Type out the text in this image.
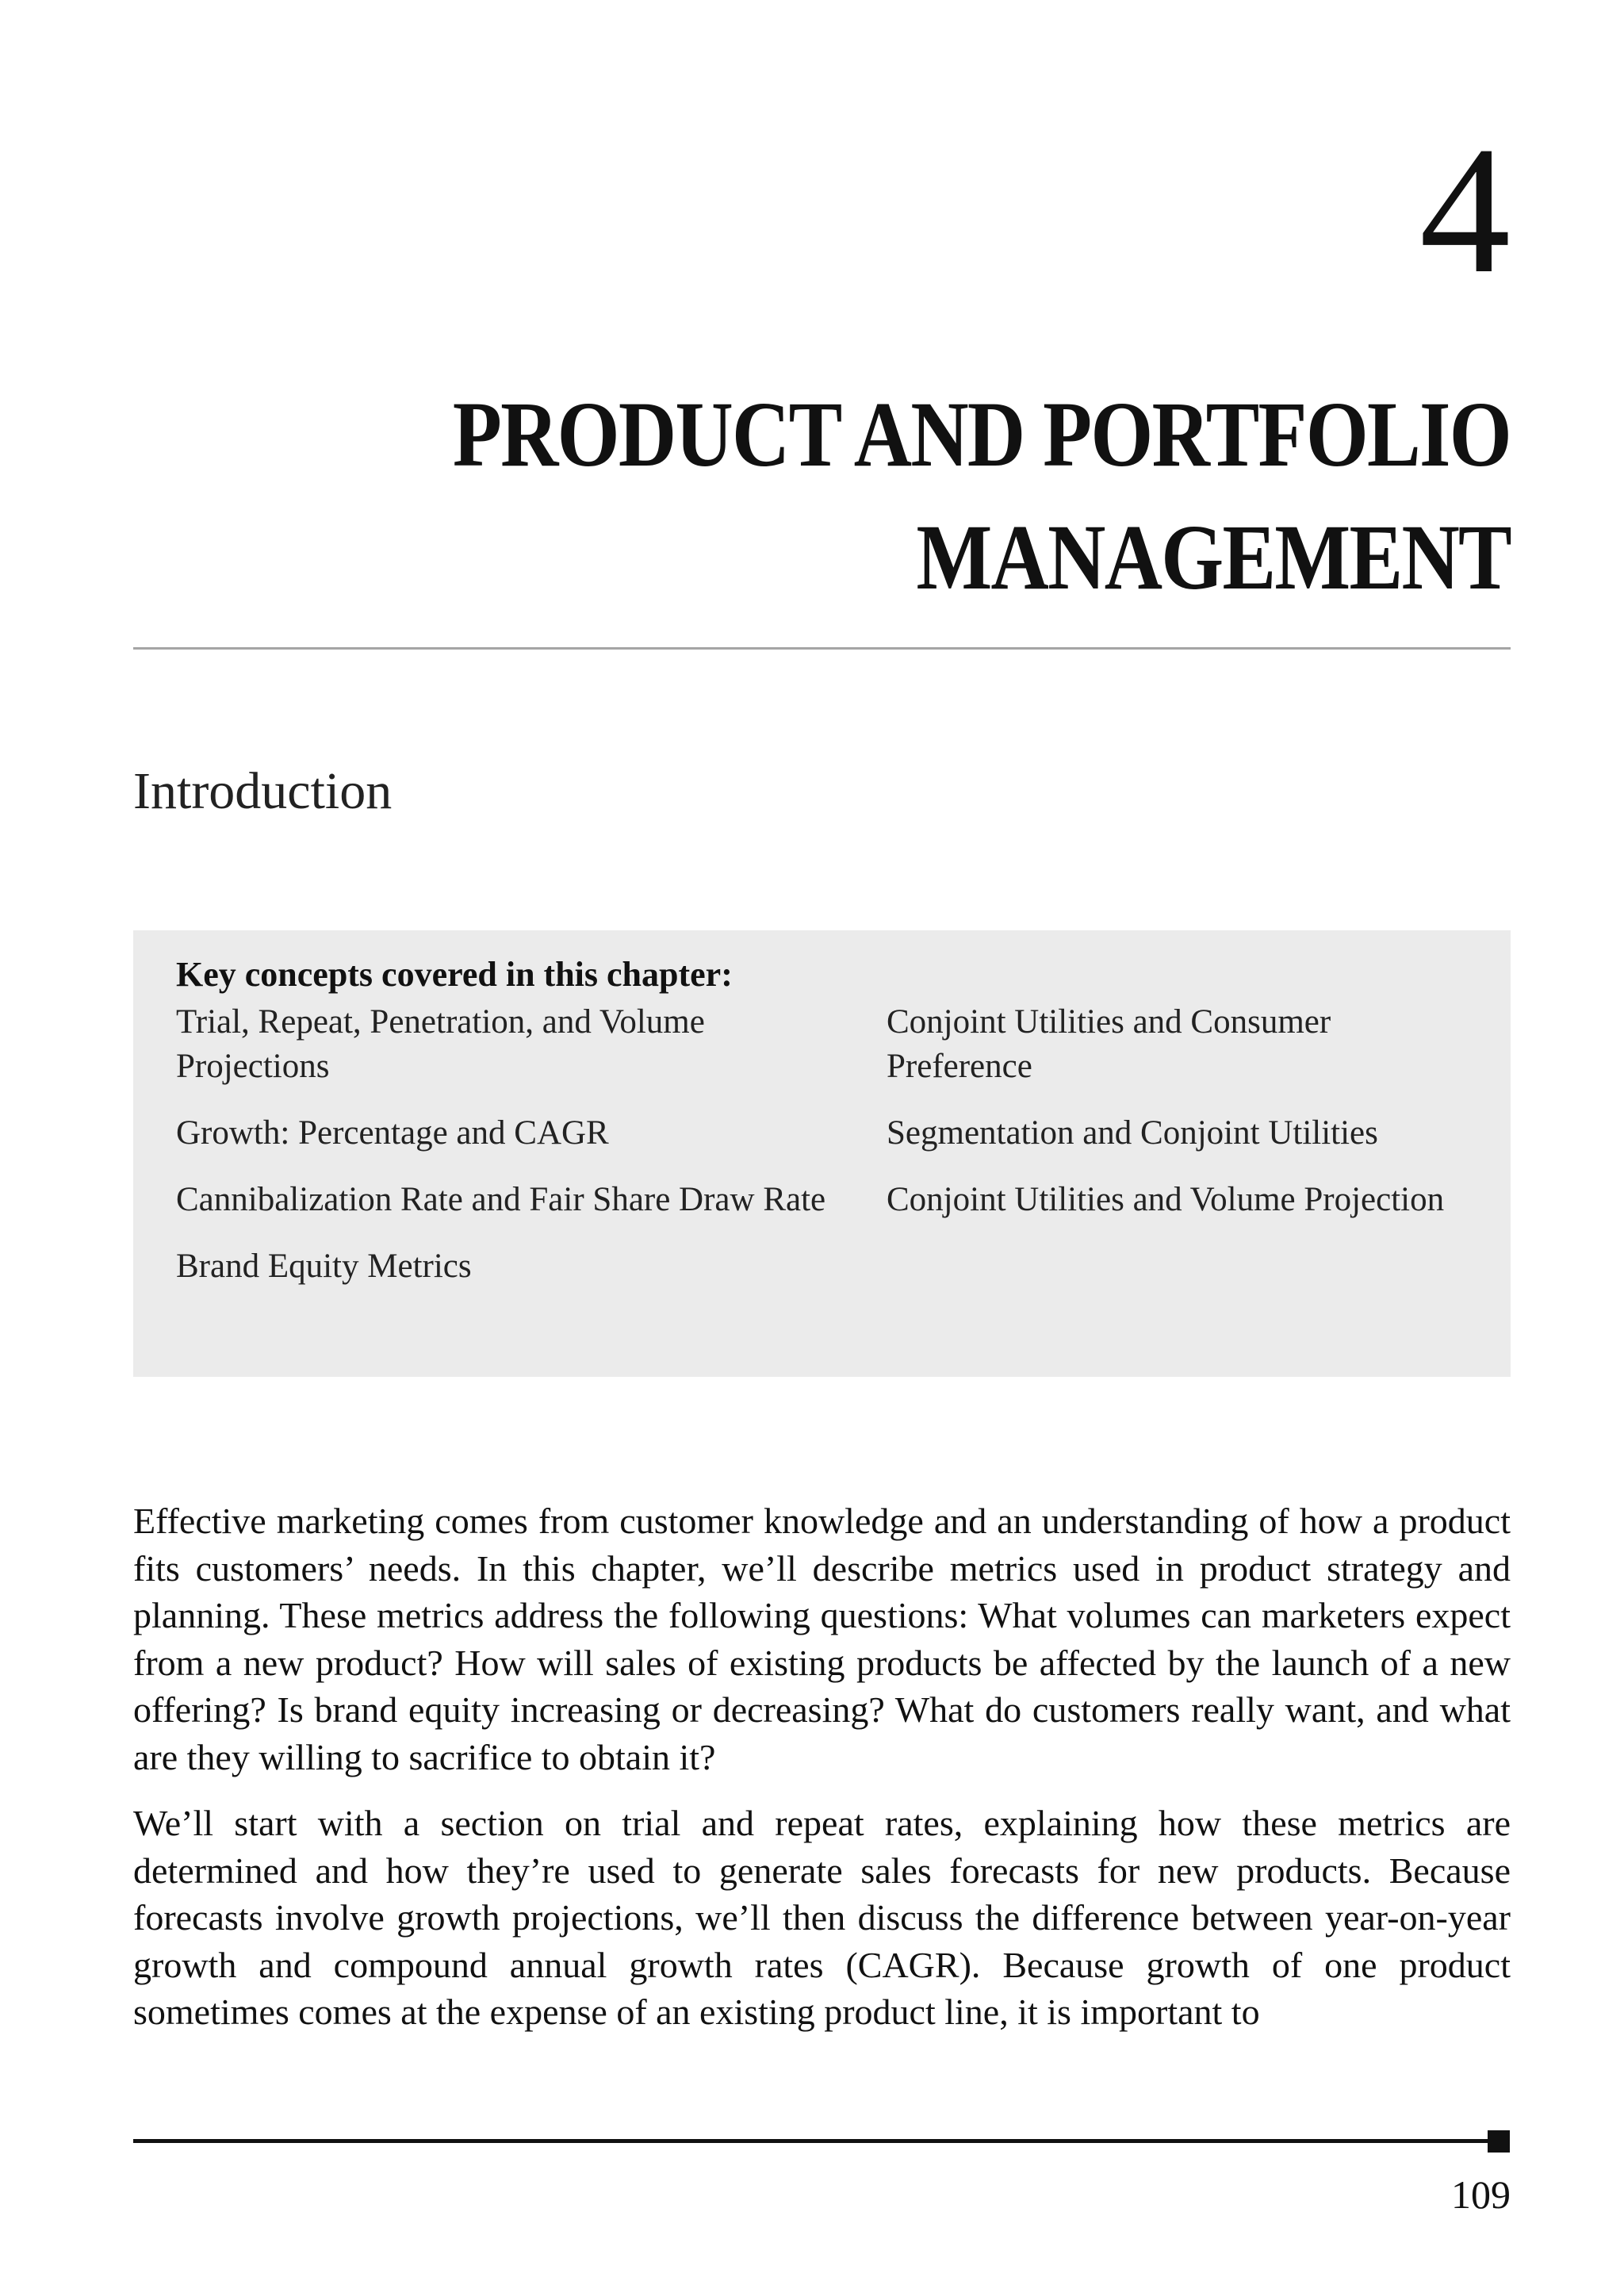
4
PRODUCT AND PORTFOLIO
MANAGEMENT
Introduction
Key concepts covered in this chapter:
Trial, Repeat, Penetration, and Volume Projections
Growth: Percentage and CAGR
Cannibalization Rate and Fair Share Draw Rate
Brand Equity Metrics
Conjoint Utilities and Consumer Preference
Segmentation and Conjoint Utilities
Conjoint Utilities and Volume Projection

Effective marketing comes from customer knowledge and an understanding of how a product fits customers’ needs. In this chapter, we’ll describe metrics used in product strategy and planning. These metrics address the following questions: What volumes can marketers expect from a new product? How will sales of existing products be affected by the launch of a new offering? Is brand equity increasing or decreasing? What do customers really want, and what are they willing to sacrifice to obtain it?

We’ll start with a section on trial and repeat rates, explaining how these metrics are determined and how they’re used to generate sales forecasts for new products. Because forecasts involve growth projections, we’ll then discuss the difference between year-on-year growth and compound annual growth rates (CAGR). Because growth of one product sometimes comes at the expense of an existing product line, it is important to

109
